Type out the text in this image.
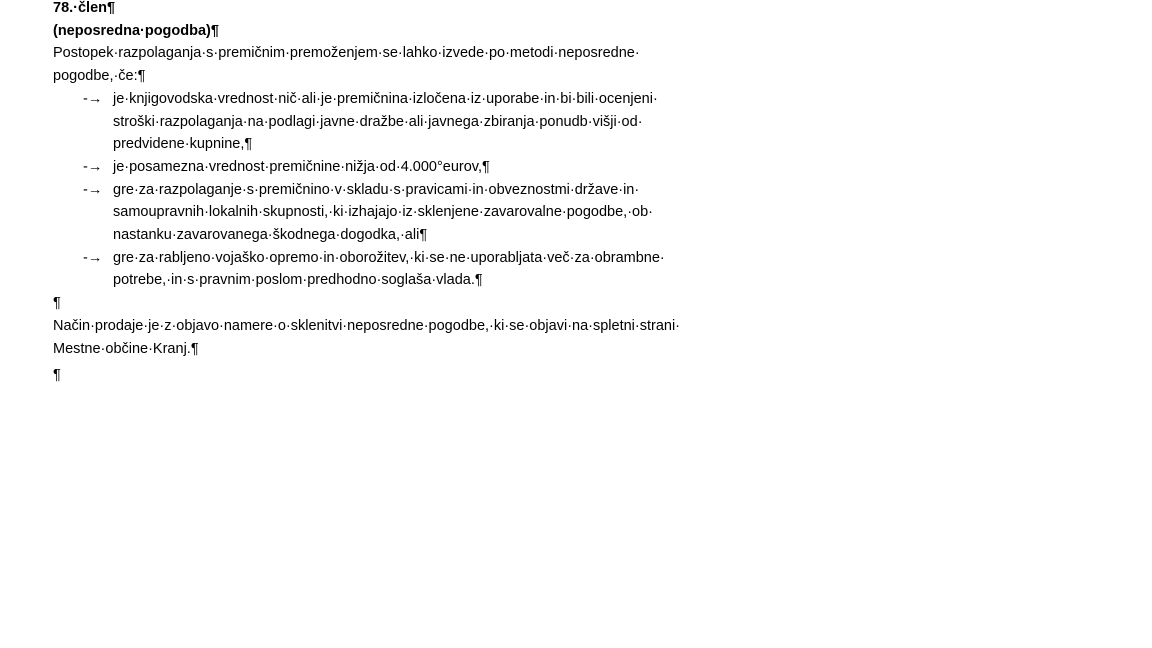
78.·člen¶
(neposredna·pogodba)¶
Postopek·razpolaganja·s·premičnim·premoženjem·se·lahko·izvede·po·metodi·neposredne·
pogodbe,·če:¶
-→ je·knjigovodska·vrednost·nič·ali·je·premičnina·izločena·iz·uporabe·in·bi·bili·ocenjeni·
stroški·razpolaganja·na·podlagi·javne·dražbe·ali·javnega·zbiranja·ponudb·višji·od·
predvidene·kupnine,¶
-→ je·posamezna·vrednost·premičnine·nižja·od·4.000°eurov,¶
-→ gre·za·razpolaganje·s·premičnino·v·skladu·s·pravicami·in·obveznostmi·države·in·
samoupravnih·lokalnih·skupnosti,·ki·izhajajo·iz·sklenjene·zavarovalne·pogodbe,·ob·
nastanku·zavarovanega·škodnega·dogodka,·ali¶
-→ gre·za·rabljeno·vojaško·opremo·in·oborožitev,·ki·se·ne·uporabljata·več·za·obrambne·
potrebe,·in·s·pravnim·poslom·predhodno·soglaša·vlada.¶
¶
Način·prodaje·je·z·objavo·namere·o·sklenitvi·neposredne·pogodbe,·ki·se·objavi·na·spletni·strani·
Mestne·občine·Kranj.¶
¶
